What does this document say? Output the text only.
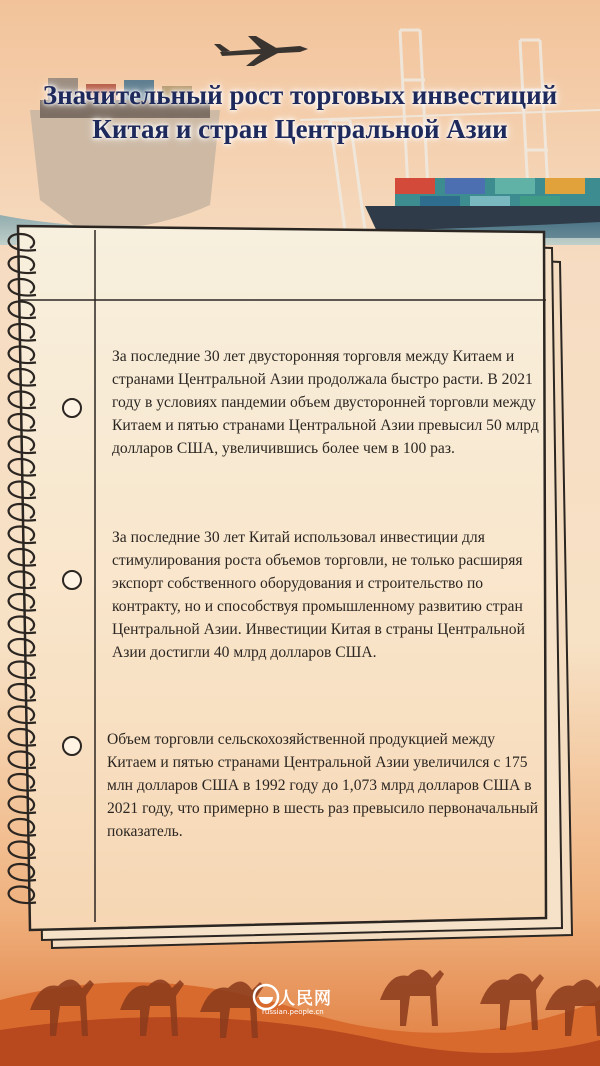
Значительный рост торговых инвестиций
Китая и стран Центральной Азии
За последние 30 лет двусторонняя торговля между Китаем и странами Центральной Азии продолжала быстро расти. В 2021 году в условиях пандемии объем двусторонней торговли между Китаем и пятью странами Центральной Азии превысил 50 млрд долларов США, увеличившись более чем в 100 раз.
За последние 30 лет Китай использовал инвестиции для стимулирования роста объемов торговли, не только расширяя экспорт собственного оборудования и строительство по контракту, но и способствуя промышленному развитию стран Центральной Азии. Инвестиции Китая в страны Центральной Азии достигли 40 млрд долларов США.
Объем торговли сельскохозяйственной продукцией между Китаем и пятью странами Центральной Азии увеличился с 175 млн долларов США в 1992 году до 1,073 млрд долларов США в 2021 году, что примерно в шесть раз превысило первоначальный показатель.
人民网
russian.people.cn
